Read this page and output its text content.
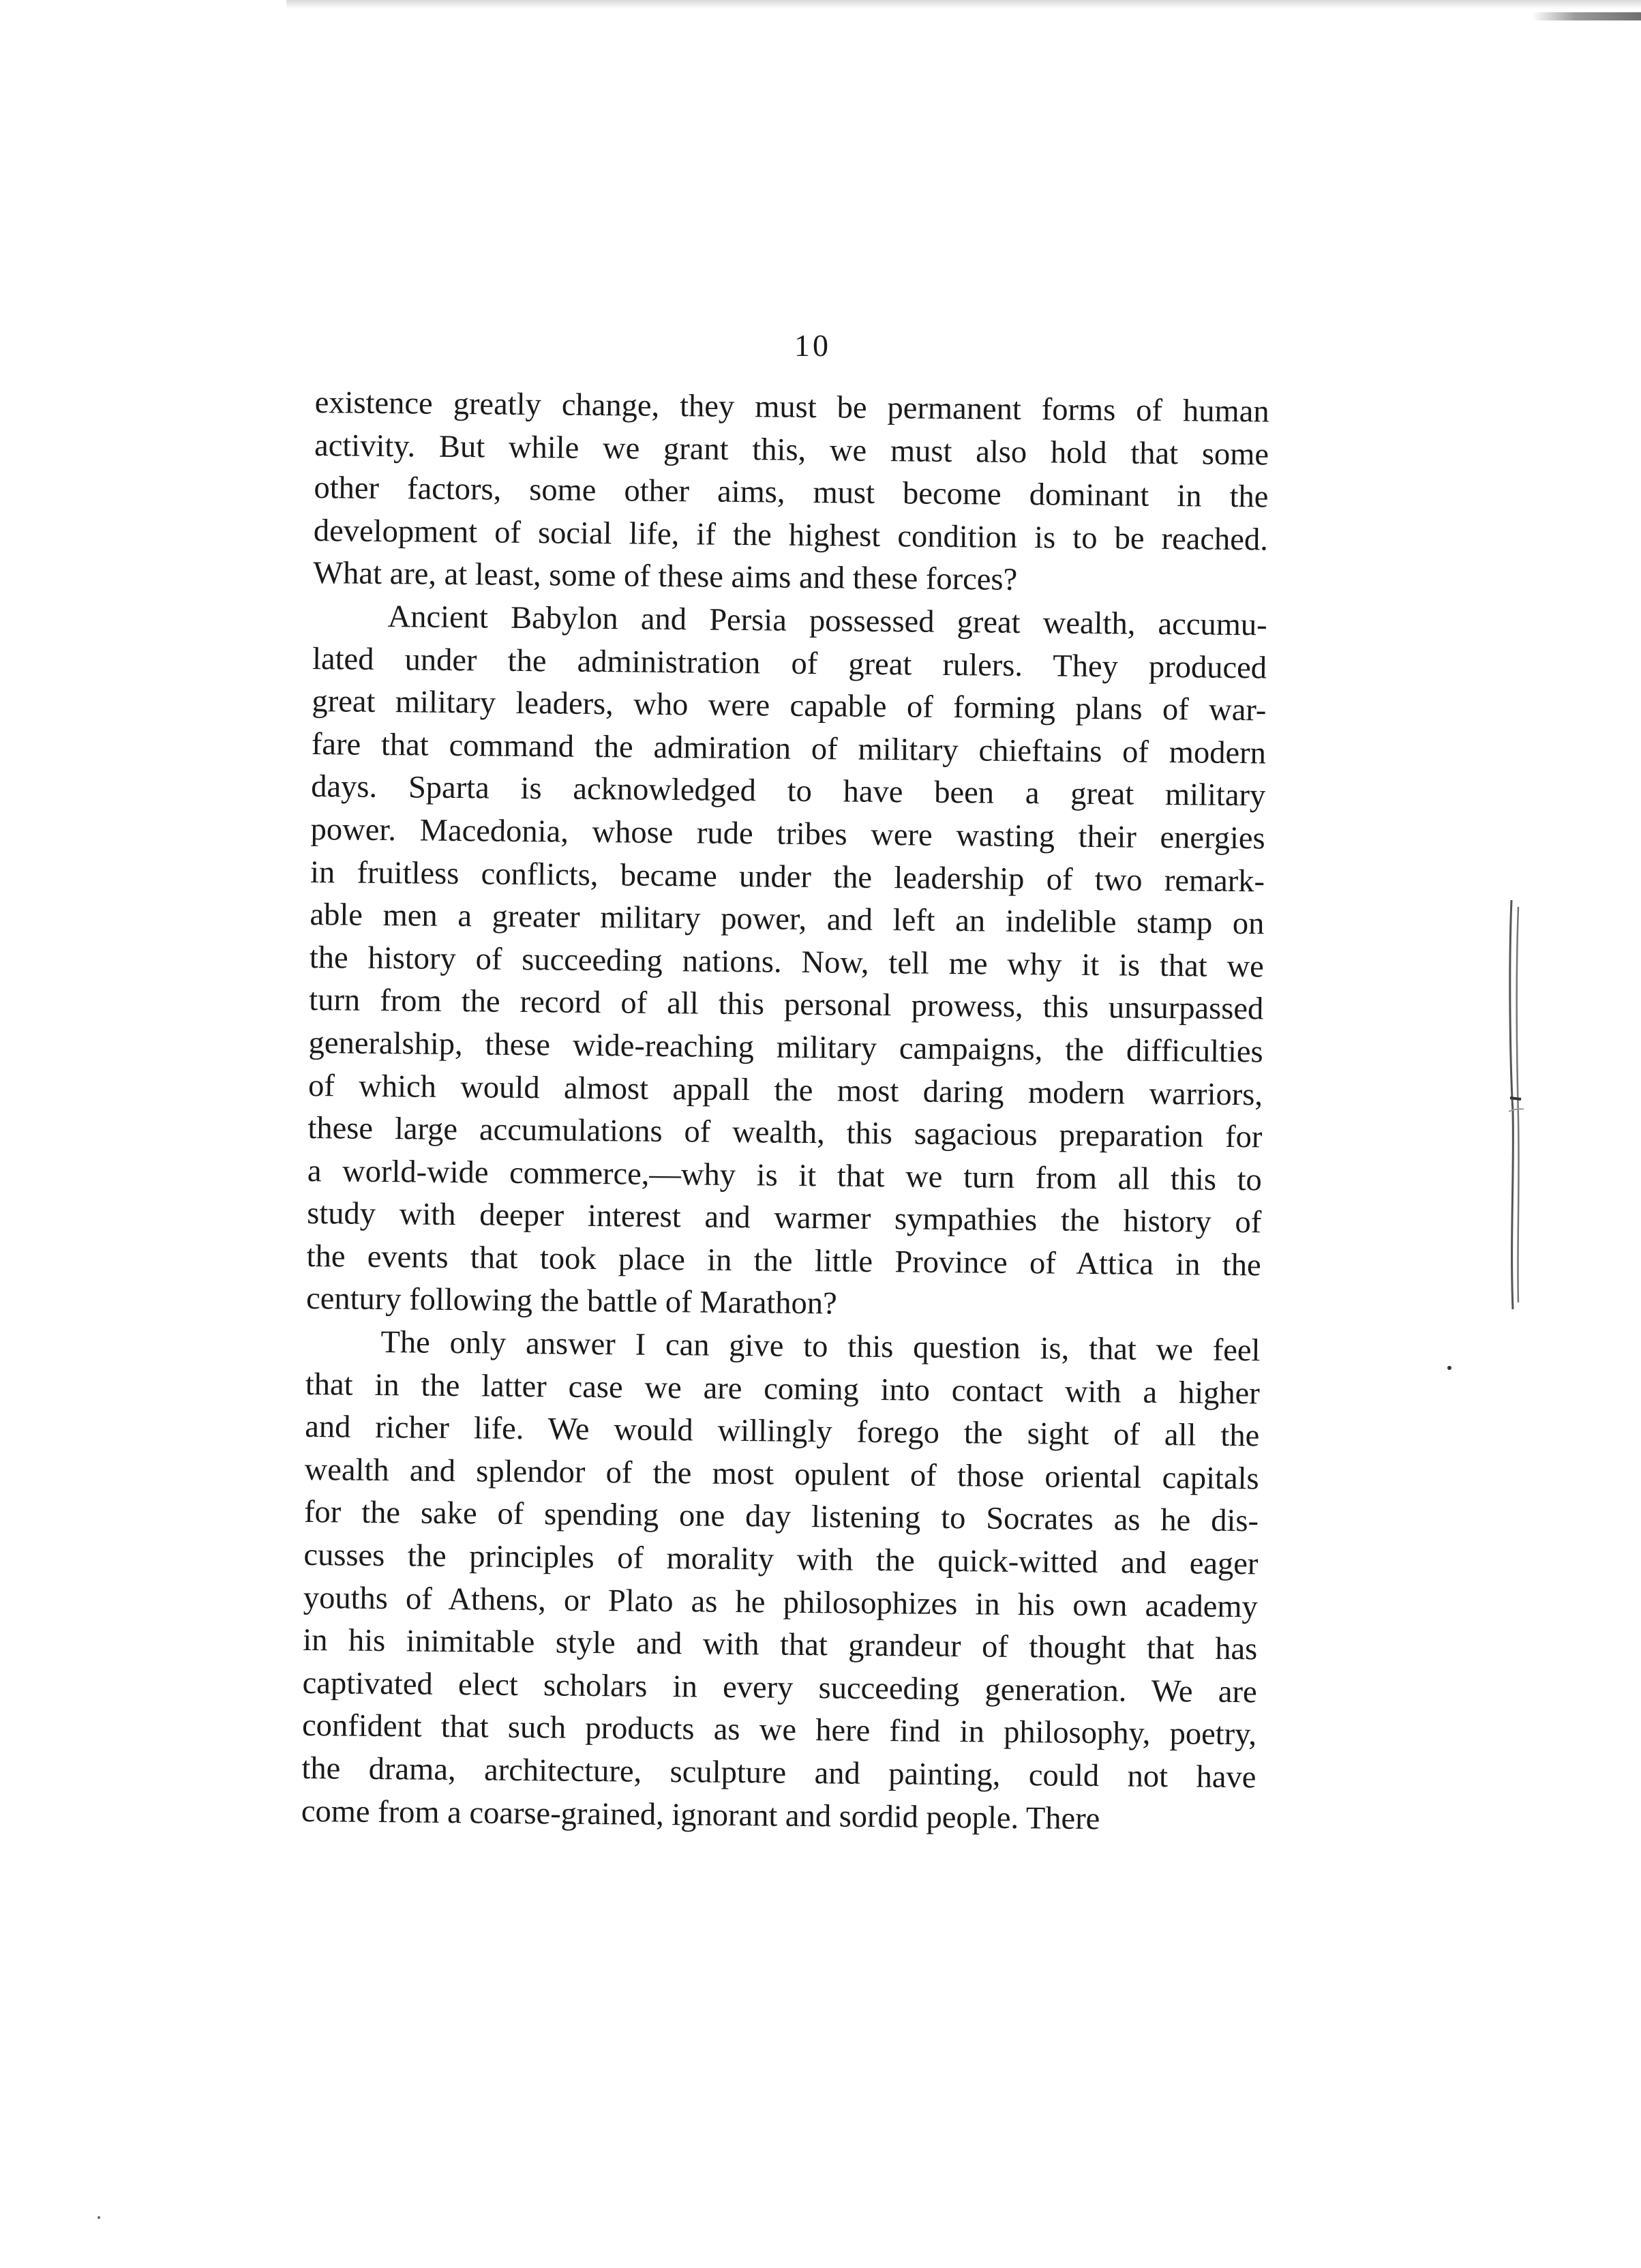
10
existence greatly change, they must be permanent forms of human
activity. But while we grant this, we must also hold that some
other factors, some other aims, must become dominant in the
development of social life, if the highest condition is to be reached.
What are, at least, some of these aims and these forces?
Ancient Babylon and Persia possessed great wealth, accumu-
lated under the administration of great rulers. They produced
great military leaders, who were capable of forming plans of war-
fare that command the admiration of military chieftains of modern
days. Sparta is acknowledged to have been a great military
power. Macedonia, whose rude tribes were wasting their energies
in fruitless conflicts, became under the leadership of two remark-
able men a greater military power, and left an indelible stamp on
the history of succeeding nations. Now, tell me why it is that we
turn from the record of all this personal prowess, this unsurpassed
generalship, these wide-reaching military campaigns, the difficulties
of which would almost appall the most daring modern warriors,
these large accumulations of wealth, this sagacious preparation for
a world-wide commerce,—why is it that we turn from all this to
study with deeper interest and warmer sympathies the history of
the events that took place in the little Province of Attica in the
century following the battle of Marathon?
The only answer I can give to this question is, that we feel
that in the latter case we are coming into contact with a higher
and richer life. We would willingly forego the sight of all the
wealth and splendor of the most opulent of those oriental capitals
for the sake of spending one day listening to Socrates as he dis-
cusses the principles of morality with the quick-witted and eager
youths of Athens, or Plato as he philosophizes in his own academy
in his inimitable style and with that grandeur of thought that has
captivated elect scholars in every succeeding generation. We are
confident that such products as we here find in philosophy, poetry,
the drama, architecture, sculpture and painting, could not have
come from a coarse-grained, ignorant and sordid people. There
